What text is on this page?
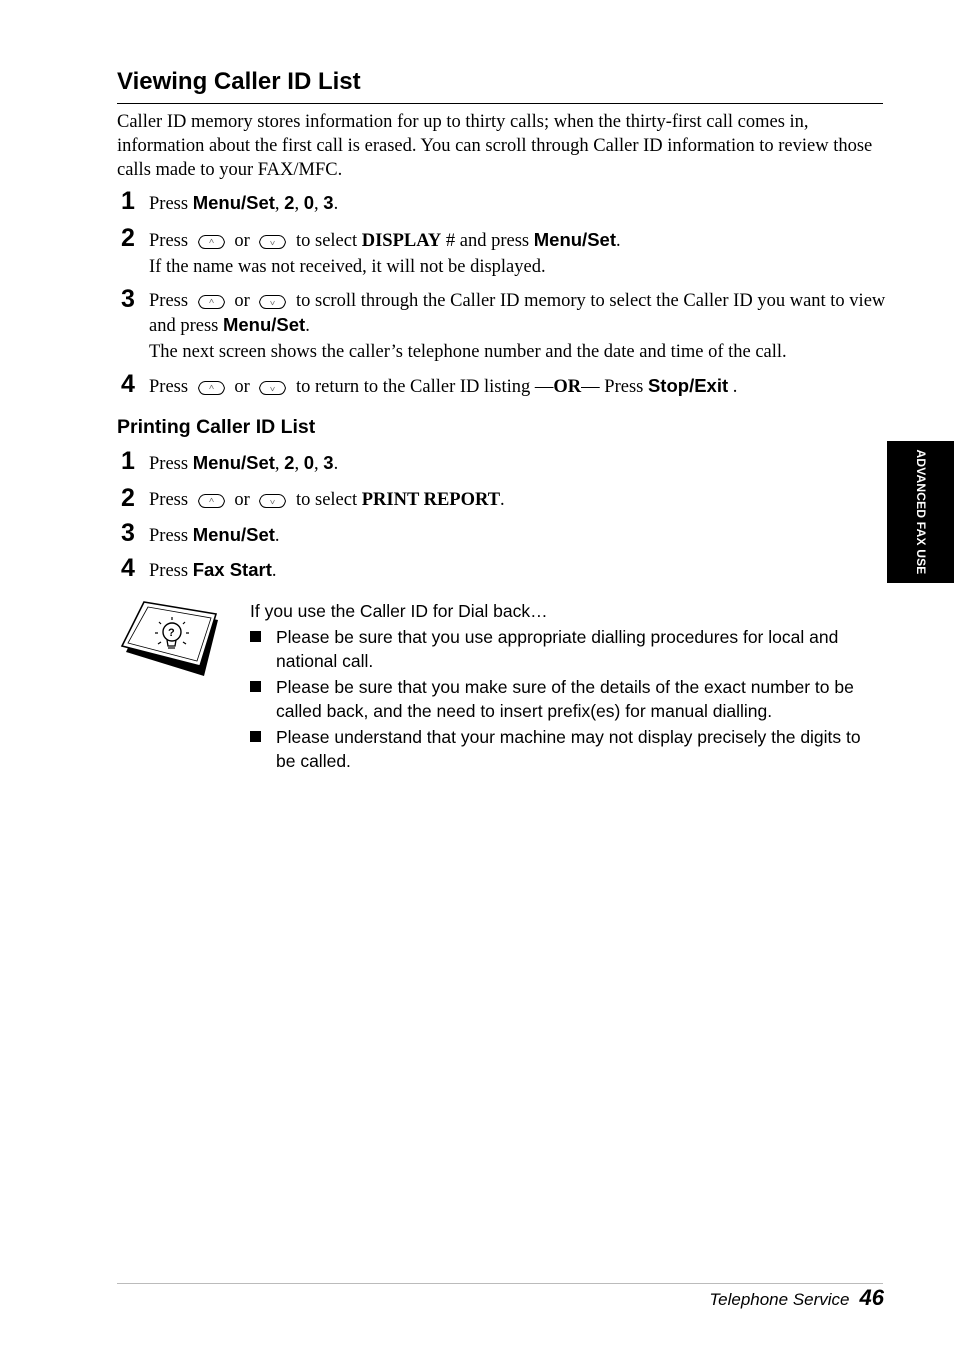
Viewing Caller ID List

Caller ID memory stores information for up to thirty calls; when the thirty-first call comes in, information about the first call is erased. You can scroll through Caller ID information to review those calls made to your FAX/MFC.

1 Press Menu/Set, 2, 0, 3.
2 Press  or  to select DISPLAY # and press Menu/Set.
If the name was not received, it will not be displayed.
3 Press  or  to scroll through the Caller ID memory to select the Caller ID you want to view and press Menu/Set.
The next screen shows the caller’s telephone number and the date and time of the call.
4 Press  or  to return to the Caller ID listing —OR— Press Stop/Exit .
Printing Caller ID List
1 Press Menu/Set, 2, 0, 3.
2 Press  or  to select PRINT REPORT.
3 Press Menu/Set.
4 Press Fax Start.
?

If you use the Caller ID for Dial back…

Please be sure that you use appropriate dialling procedures for local and national call.

Please be sure that you make sure of the details of the exact number to be called back, and the need to insert prefix(es) for manual dialling.

Please understand that your machine may not display precisely the digits to be called.

ADVANCED FAX USE
Telephone Service 46
